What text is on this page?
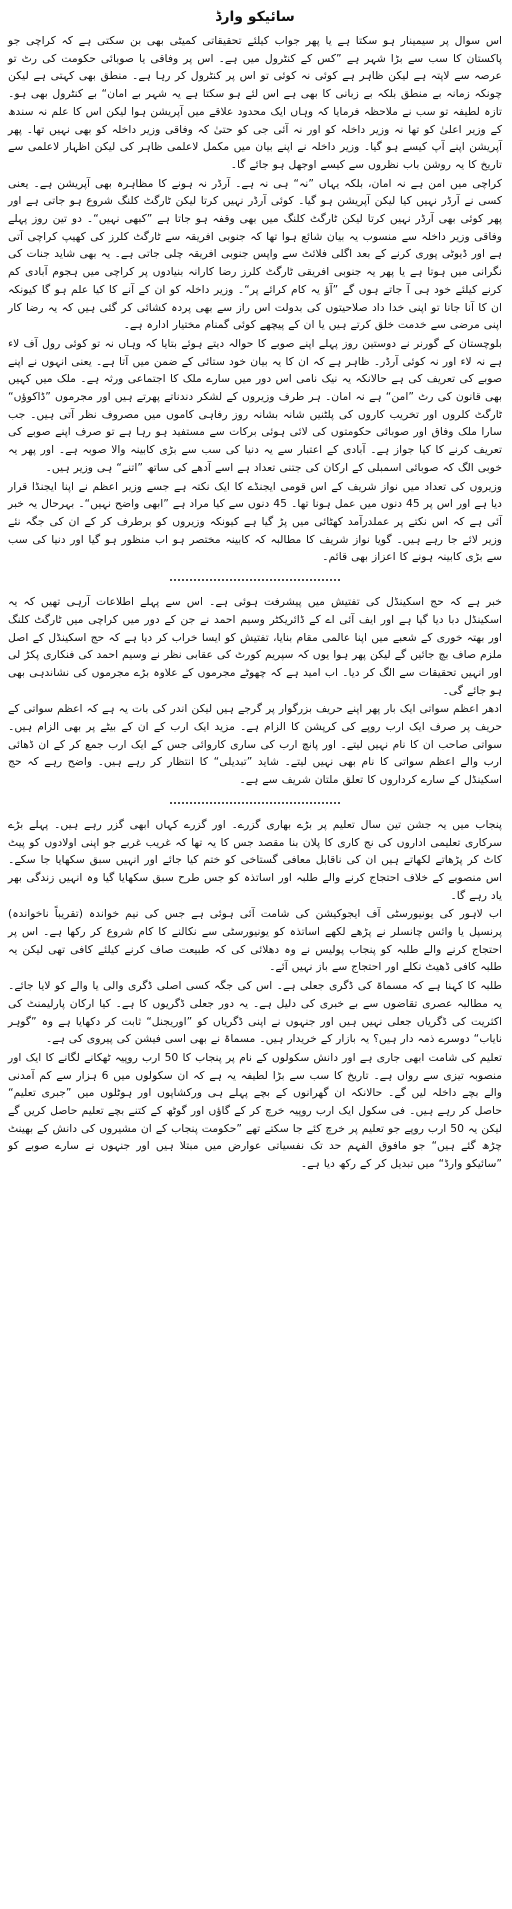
سائیکو وارڈ

اس سوال پر سیمینار ہو سکتا ہے یا پھر جواب کیلئے تحقیقاتی کمیٹی بھی بن سکتی ہے کہ کراچی جو پاکستان کا سب سے بڑا شہر ہے ”کس کے کنٹرول میں ہے۔ اس پر وفاقی یا صوبائی حکومت کی رٹ تو عرصہ سے لاپتہ ہے لیکن ظاہر ہے کوئی نہ کوئی تو اس پر کنٹرول کر رہا ہے۔ منطق بھی کہتی ہے لیکن چونکہ زمانہ بے منطق بلکہ بے زبانی کا بھی ہے اس لئے ہو سکتا ہے یہ شہر بے امان“ بے کنٹرول بھی ہو۔ تازہ لطیفہ تو سب نے ملاحظہ فرمایا کہ وہاں ایک محدود علاقے میں آپریشن ہوا لیکن اس کا علم نہ سندھ کے وزیر اعلیٰ کو تھا نہ وزیر داخلہ کو اور نہ آئی جی کو حتیٰ کہ وفاقی وزیر داخلہ کو بھی نہیں تھا۔ پھر آپریشن اپنے آپ کیسے ہو گیا۔ وزیر داخلہ نے اپنے بیان میں مکمل لاعلمی ظاہر کی لیکن اظہار لاعلمی سے تاریخ کا یہ روشن باب نظروں سے کیسے اوجھل ہو جائے گا۔

کراچی میں امن ہے نہ امان، بلکہ یہاں ”نہ“ ہی نہ ہے۔ آرڈر نہ ہونے کا مظاہرہ بھی آپریشن ہے۔ یعنی کسی نے آرڈر نہیں کیا لیکن آپریشن ہو گیا۔ کوئی آرڈر نہیں کرتا لیکن ٹارگٹ کلنگ شروع ہو جاتی ہے اور پھر کوئی بھی آرڈر نہیں کرتا لیکن ٹارگٹ کلنگ میں بھی وقفہ ہو جاتا ہے ”کبھی نہیں“۔ دو تین روز پہلے وفاقی وزیر داخلہ سے منسوب یہ بیان شائع ہوا تھا کہ جنوبی افریقہ سے ٹارگٹ کلرز کی کھیپ کراچی آتی ہے اور ڈیوٹی پوری کرنے کے بعد اگلی فلائٹ سے واپس جنوبی افریقہ چلی جاتی ہے۔ یہ بھی شاید جنات کی نگرانی میں ہوتا ہے یا پھر یہ جنوبی افریقی ٹارگٹ کلرز رضا کارانہ بنیادوں پر کراچی میں ہجوم آبادی کم کرنے کیلئے خود ہی آ جاتے ہوں گے ”آؤ یہ کام کرائے پر“۔ وزیر داخلہ کو ان کے آنے کا کیا علم ہو گا کیونکہ ان کا آنا جانا تو اپنی خدا داد صلاحیتوں کی بدولت اس راز سے بھی پردہ کشائی کر گئی ہیں کہ یہ رضا کار اپنی مرضی سے خدمت خلق کرتے ہیں یا ان کے پیچھے کوئی گمنام مختیار ادارہ ہے۔

بلوچستان کے گورنر نے دوستین روز پہلے اپنے صوبے کا حوالہ دیتے ہوئے بتایا کہ وہاں نہ تو کوئی رول آف لاء ہے نہ لاء اور نہ کوئی آرڈر۔ ظاہر ہے کہ ان کا یہ بیان خود ستائی کے ضمن میں آتا ہے۔ یعنی انہوں نے اپنے صوبے کی تعریف کی ہے حالانکہ یہ نیک نامی اس دور میں سارے ملک کا اجتماعی ورثہ ہے۔ ملک میں کہیں بھی قانون کی رٹ ”امن“ ہے نہ امان۔ ہر طرف وزیروں کے لشکر دندناتے پھرتے ہیں اور مجرموں ”ڈاکوؤں“ ٹارگٹ کلروں اور تخریب کاروں کی پلٹنیں شانہ بشانہ روز رفاہی کاموں میں مصروف نظر آتی ہیں۔ جب سارا ملک وفاق اور صوبائی حکومتوں کی لائی ہوئی برکات سے مستفید ہو رہا ہے تو صرف اپنے صوبے کی تعریف کرنے کا کیا جواز ہے۔ آبادی کے اعتبار سے یہ دنیا کی سب سے بڑی کابینہ والا صوبہ ہے۔ اور پھر یہ خوبی الگ کہ صوبائی اسمبلی کے ارکان کی جتنی تعداد ہے اسے آدھے کی ساتھ ”اتنے“ ہی وزیر ہیں۔

وزیروں کی تعداد میں نواز شریف کے اس قومی ایجنڈے کا ایک نکتہ ہے جسے وزیر اعظم نے اپنا ایجنڈا قرار دیا ہے اور اس پر 45 دنوں میں عمل ہونا تھا۔ 45 دنوں سے کیا مراد ہے ”ابھی واضح نہیں“۔ بہرحال یہ خبر آئی ہے کہ اس نکتے پر عملدرآمد کھٹائی میں پڑ گیا ہے کیونکہ وزیروں کو برطرف کر کے ان کی جگہ نئے وزیر لائے جا رہے ہیں۔ گویا نواز شریف کا مطالبہ کہ کابینہ مختصر ہو اب منظور ہو گیا اور دنیا کی سب سے بڑی کابینہ ہونے کا اعزاز بھی قائم۔

خبر ہے کہ حج اسکینڈل کی تفتیش میں پیشرفت ہوئی ہے۔ اس سے پہلے اطلاعات آرہی تھیں کہ یہ اسکینڈل دبا دیا گیا ہے اور ایف آئی اے کے ڈائریکٹر وسیم احمد نے جن کے دور میں کراچی میں ٹارگٹ کلنگ اور بھتہ خوری کے شعبے میں اپنا عالمی مقام بنایا، تفتیش کو ایسا خراب کر دیا ہے کہ حج اسکینڈل کے اصل ملزم صاف بچ جائیں گے لیکن پھر ہوا یوں کہ سپریم کورٹ کی عقابی نظر نے وسیم احمد کی فنکاری پکڑ لی اور انہیں تحقیقات سے الگ کر دیا۔ اب امید ہے کہ چھوٹے مجرموں کے علاوہ بڑے مجرموں کی نشاندہی بھی ہو جائے گی۔

ادھر اعظم سواتی ایک بار پھر اپنے حریف بزرگوار پر گرجے ہیں لیکن اندر کی بات یہ ہے کہ اعظم سواتی کے حریف پر صرف ایک ارب روپے کی کرپشن کا الزام ہے۔ مزید ایک ارب کے ان کے بیٹے پر بھی الزام ہیں۔ سواتی صاحب ان کا نام نہیں لیتے۔ اور پانچ ارب کی ساری کاروائی جس کے ایک ارب جمع کر کے ان ڈھائی ارب والے اعظم سواتی کا نام بھی نہیں لیتے۔ شاید ”تبدیلی“ کا انتظار کر رہے ہیں۔ واضح رہے کہ حج اسکینڈل کے سارے کرداروں کا تعلق ملتان شریف سے ہے۔

پنجاب میں یہ جشن تین سال تعلیم پر بڑے بھاری گزرے۔ اور گزرے کہاں ابھی گزر رہے ہیں۔ پہلے بڑے سرکاری تعلیمی اداروں کی نج کاری کا پلان بنا مقصد جس کا یہ تھا کہ غریب غربے جو اپنی اولادوں کو پیٹ کاٹ کر پڑھاتے لکھاتے ہیں ان کی ناقابل معافی گستاخی کو ختم کیا جائے اور انہیں سبق سکھایا جا سکے۔ اس منصوبے کے خلاف احتجاج کرنے والے طلبہ اور اساتذہ کو جس طرح سبق سکھایا گیا وہ انہیں زندگی بھر یاد رہے گا۔

اب لاہور کی یونیورسٹی آف ایجوکیشن کی شامت آئی ہوئی ہے جس کی نیم خواندہ (تقریباً ناخواندہ) پرنسپل یا وائس چانسلر نے پڑھے لکھے اساتذہ کو یونیورسٹی سے نکالنے کا کام شروع کر رکھا ہے۔ اس پر احتجاج کرنے والے طلبہ کو پنجاب پولیس نے وہ دھلائی کی کہ طبیعت صاف کرنے کیلئے کافی تھی لیکن یہ طلبہ کافی ڈھیٹ نکلے اور احتجاج سے باز نہیں آئے۔

طلبہ کا کہنا ہے کہ مسماۃ کی ڈگری جعلی ہے۔ اس کی جگہ کسی اصلی ڈگری والی یا والے کو لایا جائے۔ یہ مطالبہ عصری تقاضوں سے بے خبری کی دلیل ہے۔ یہ دور جعلی ڈگریوں کا ہے۔ کیا ارکان پارلیمنٹ کی اکثریت کی ڈگریاں جعلی نہیں ہیں اور جنہوں نے اپنی ڈگریاں کو ”اوریجنل“ ثابت کر دکھایا ہے وہ ”گوہر نایاب“ دوسرے ذمہ دار ہیں؟ یہ بازار کے خریدار ہیں۔ مسماۃ نے بھی اسی فیشن کی پیروی کی ہے۔

تعلیم کی شامت ابھی جاری ہے اور دانش سکولوں کے نام پر پنجاب کا 50 ارب روپیہ ٹھکانے لگانے کا ایک اور منصوبہ تیزی سے رواں ہے۔ تاریخ کا سب سے بڑا لطیفہ یہ ہے کہ ان سکولوں میں 6 ہزار سے کم آمدنی والے بچے داخلہ لیں گے۔ حالانکہ ان گھرانوں کے بچے پہلے ہی ورکشاپوں اور ہوٹلوں میں ”جبری تعلیم“ حاصل کر رہے ہیں۔ فی سکول ایک ارب روپیہ خرچ کر کے گاؤں اور گوٹھ کے کتنے بچے تعلیم حاصل کریں گے لیکن یہ 50 ارب روپے جو تعلیم پر خرچ کئے جا سکتے تھے ”حکومت پنجاب کے ان مشیروں کی دانش کے بھینٹ چڑھ گئے ہیں“ جو مافوق الفہم حد تک نفسیاتی عوارض میں مبتلا ہیں اور جنہوں نے سارے صوبے کو ”سائیکو وارڈ“ میں تبدیل کر کے رکھ دیا ہے۔
